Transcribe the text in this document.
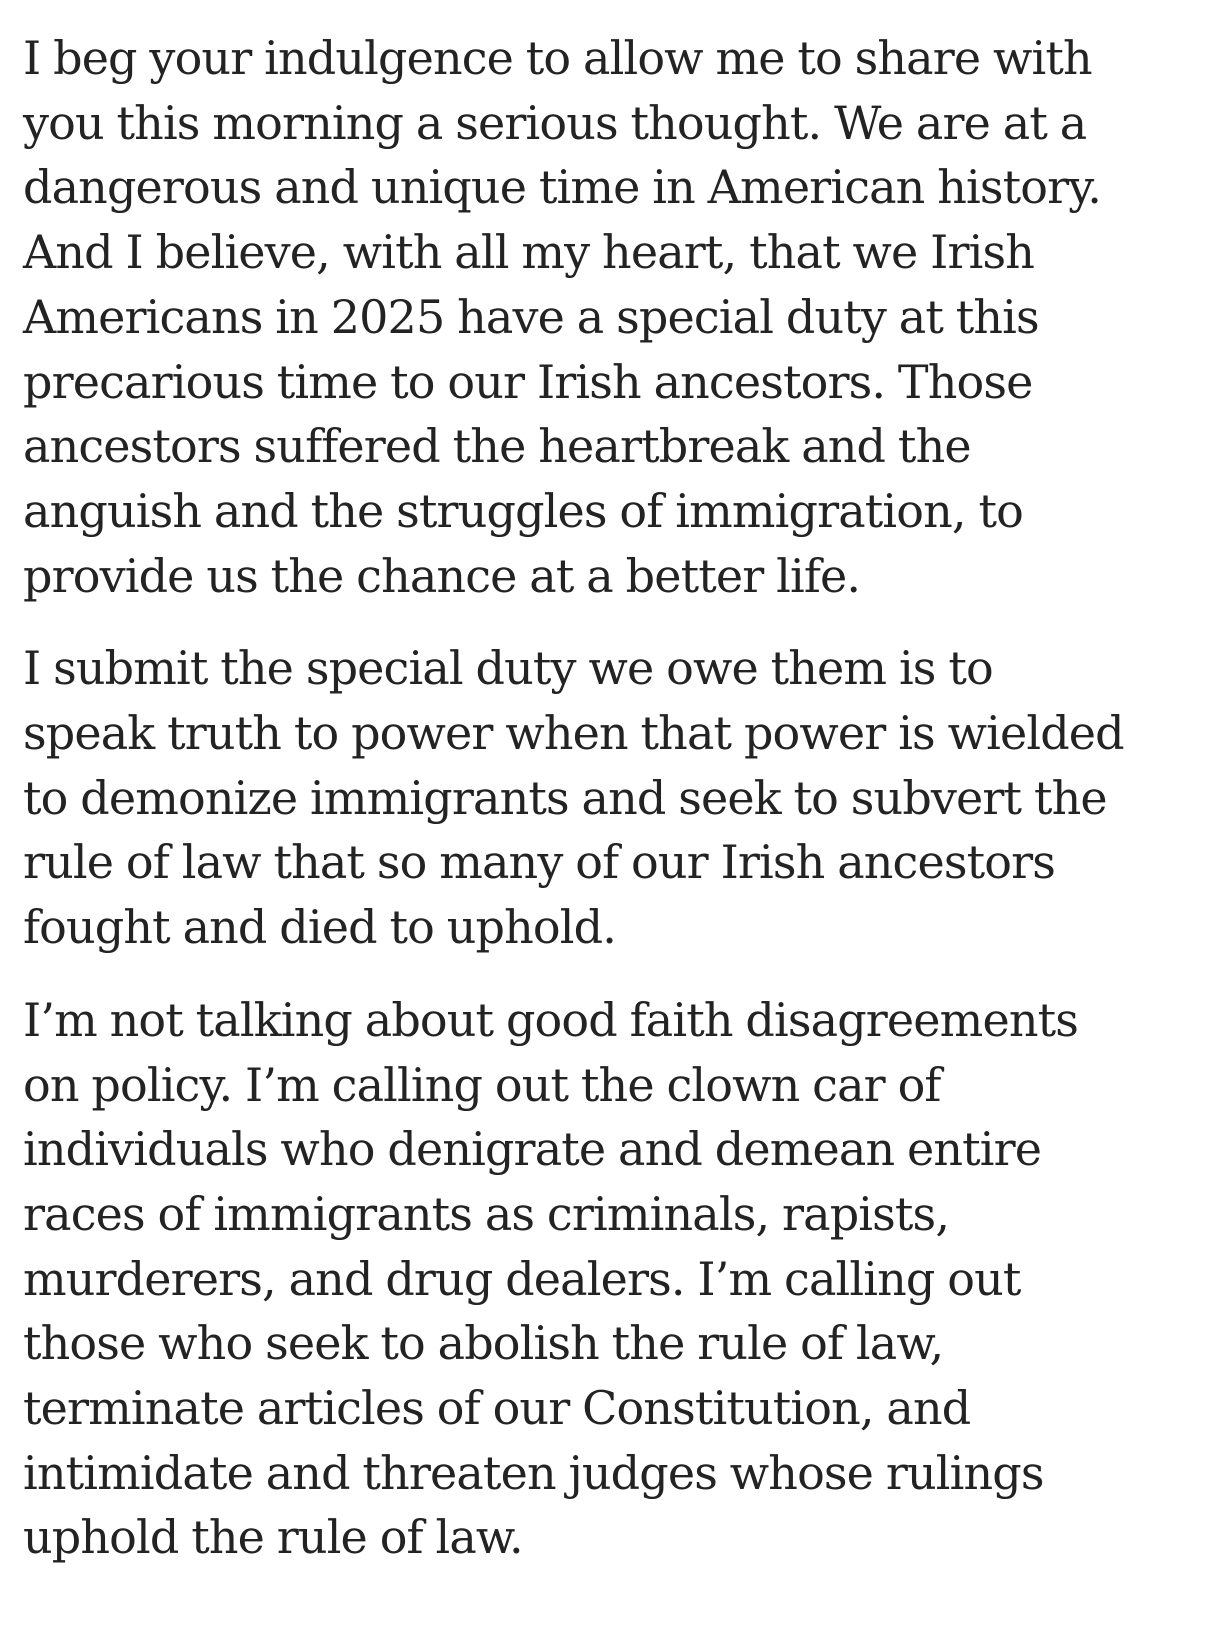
I beg your indulgence to allow me to share with
you this morning a serious thought. We are at a
dangerous and unique time in American history.
And I believe, with all my heart, that we Irish
Americans in 2025 have a special duty at this
precarious time to our Irish ancestors. Those
ancestors suffered the heartbreak and the
anguish and the struggles of immigration, to
provide us the chance at a better life.

I submit the special duty we owe them is to
speak truth to power when that power is wielded
to demonize immigrants and seek to subvert the
rule of law that so many of our Irish ancestors
fought and died to uphold.

I’m not talking about good faith disagreements
on policy. I’m calling out the clown car of
individuals who denigrate and demean entire
races of immigrants as criminals, rapists,
murderers, and drug dealers. I’m calling out
those who seek to abolish the rule of law,
terminate articles of our Constitution, and
intimidate and threaten judges whose rulings
uphold the rule of law.
